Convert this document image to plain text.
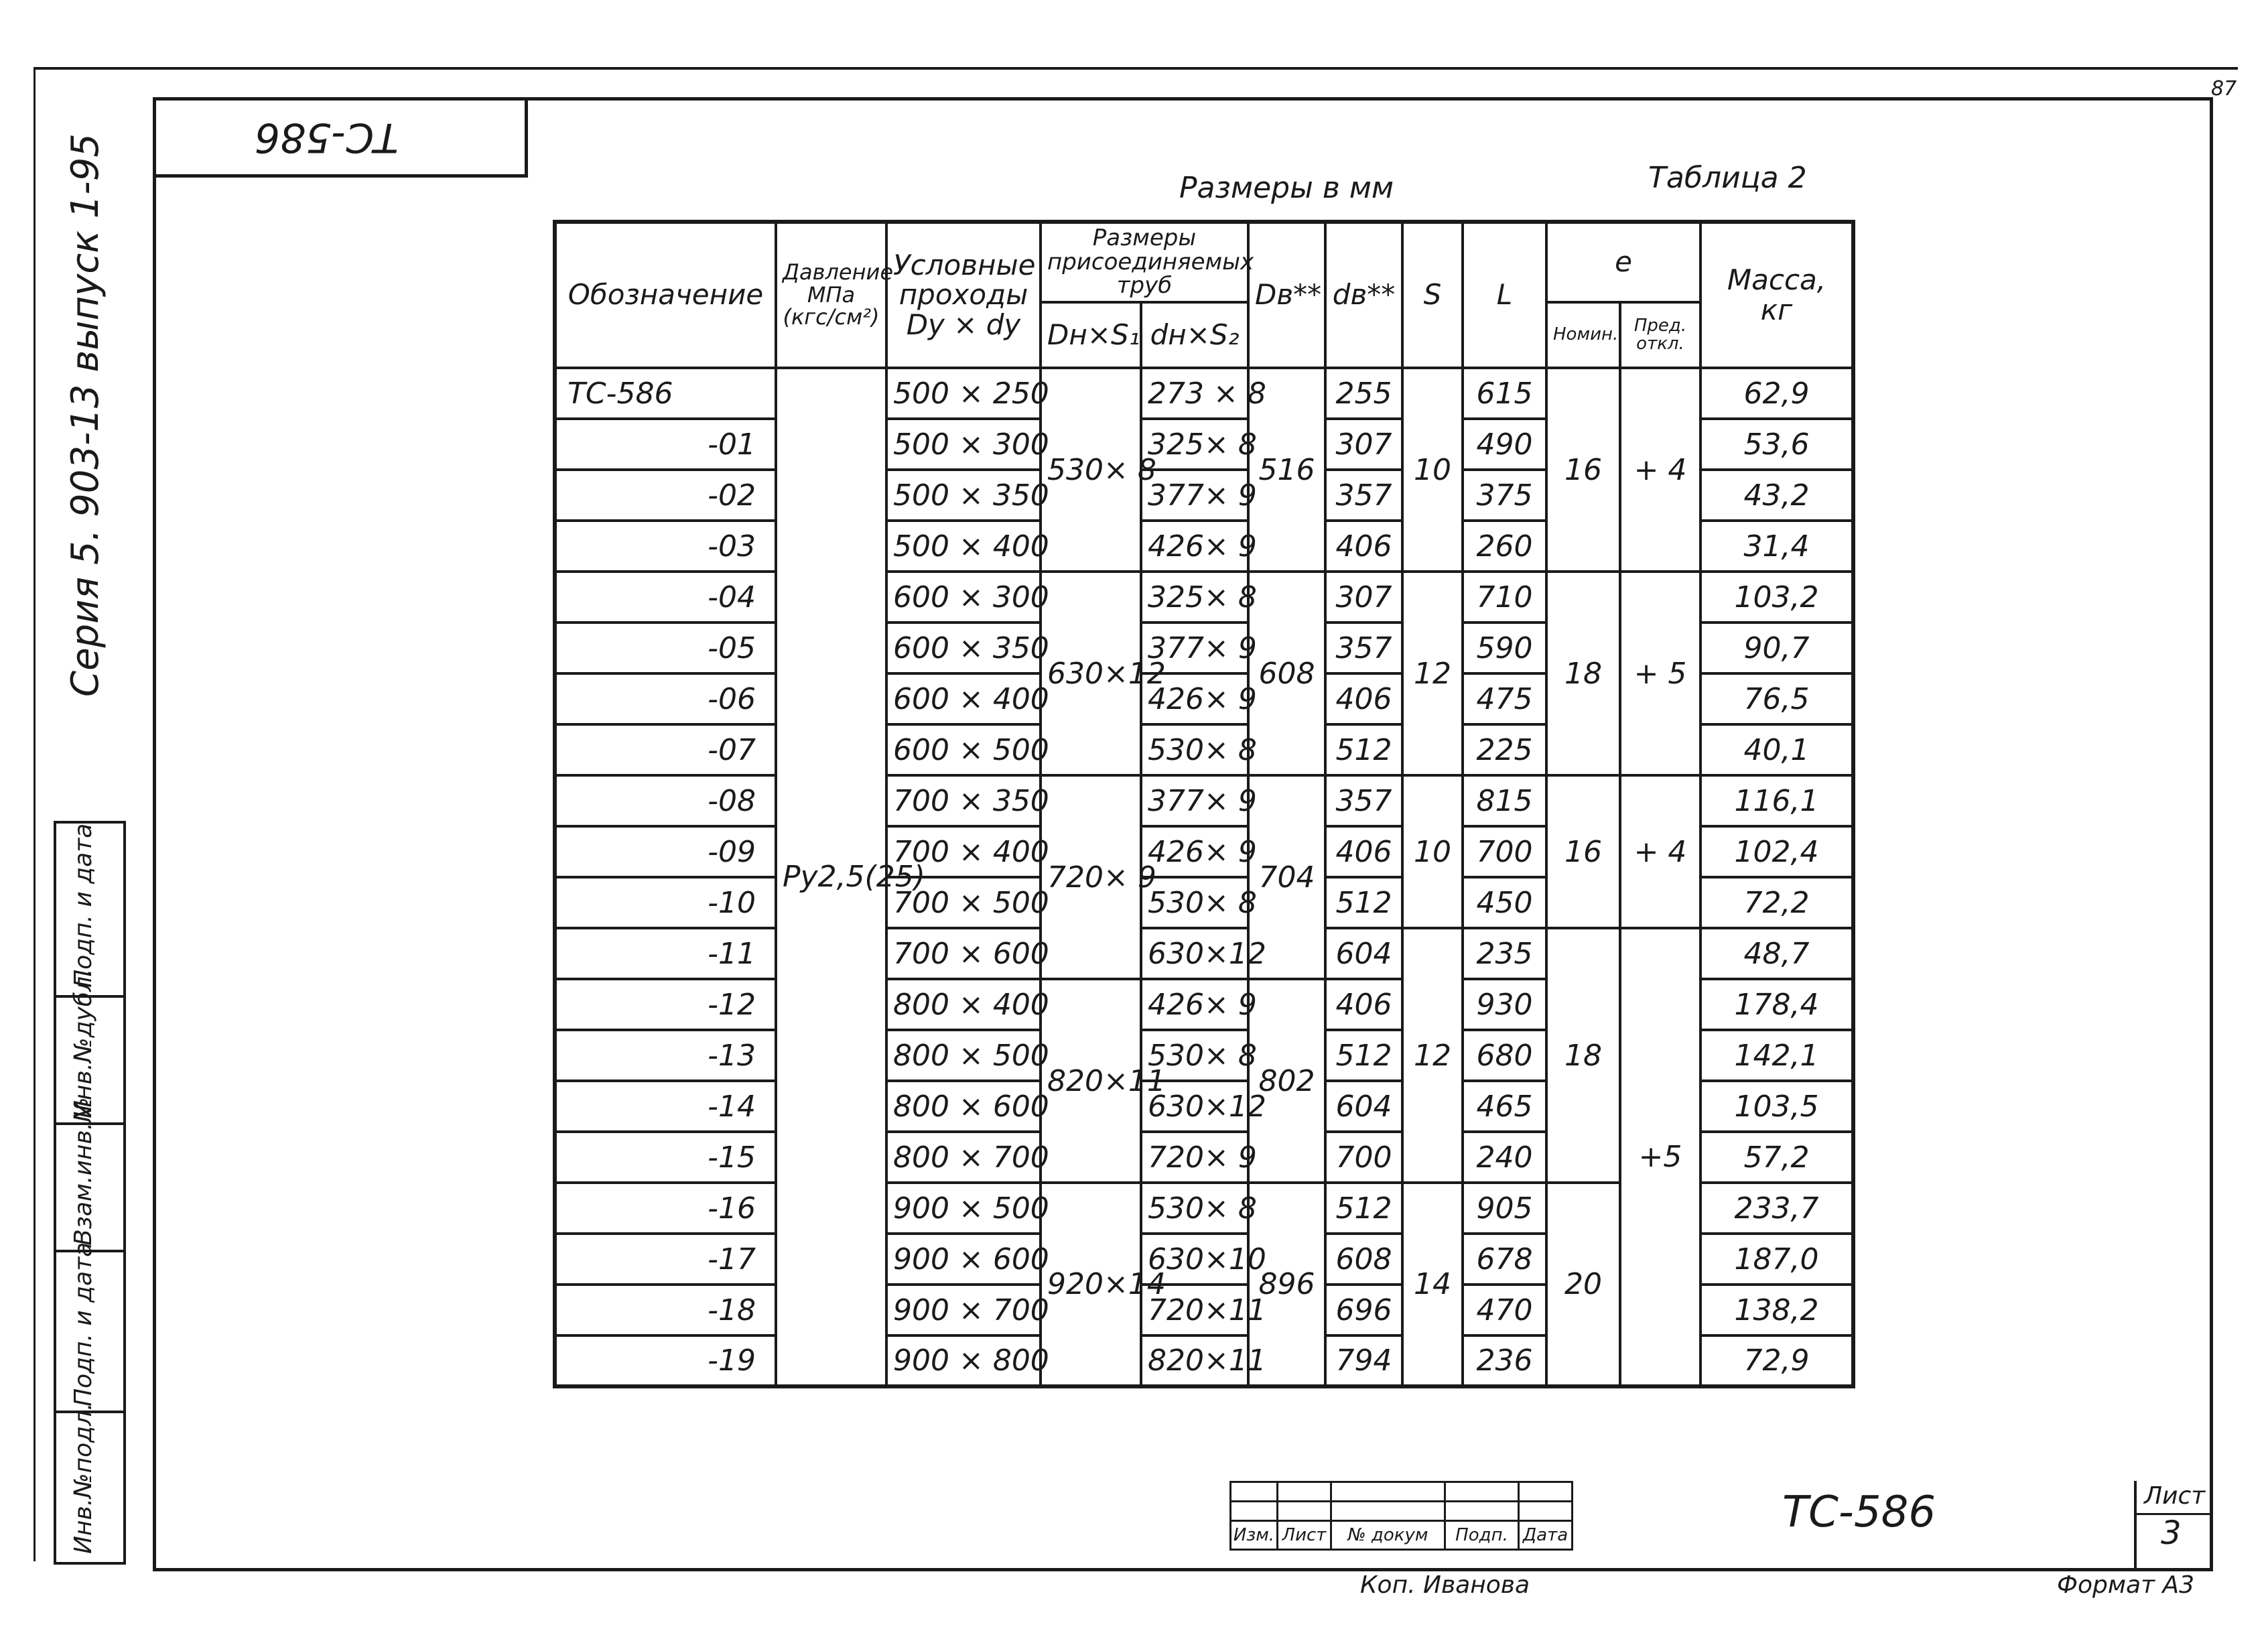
87
ТС-586
Серия 5. 903-13 выпуск 1-95
Подп. и дата
Инв.№дубл.
Взам.инв.№
Подп. и дата
Инв.№подл.
Размеры в мм	Таблица 2
Обозначение	Давление МПа (кгс/см²)	Условные проходы Dy × dy	Размеры присоединяемых труб		Dв**	dв**	S	L	e		Масса, кг
			Dн×S₁	dн×S₂					Номин.	Пред. откл.	
ТС-586	Ру2,5(25)	500 × 250	530× 8	273 × 8	516	255	10	615	16	+ 4	62,9
-01		500 × 300		325× 8		307		490			53,6
-02		500 × 350		377× 9		357		375			43,2
-03		500 × 400		426× 9		406		260			31,4
-04		600 × 300	630×12	325× 8	608	307	12	710	18	+ 5	103,2
-05		600 × 350		377× 9		357		590			90,7
-06		600 × 400		426× 9		406		475			76,5
-07		600 × 500		530× 8		512		225			40,1
-08		700 × 350	720× 9	377× 9	704	357	10	815	16	+ 4	116,1
-09		700 × 400		426× 9		406		700			102,4
-10		700 × 500		530× 8		512		450			72,2
-11		700 × 600		630×12		604	12	235	18	+5	48,7
-12		800 × 400	820×11	426× 9	802	406		930			178,4
-13		800 × 500		530× 8		512		680			142,1
-14		800 × 600		630×12		604		465			103,5
-15		800 × 700		720× 9		700		240			57,2
-16		900 × 500	920×14	530× 8	896	512	14	905	20		233,7
-17		900 × 600		630×10		608		678			187,0
-18		900 × 700		720×11		696		470			138,2
-19		900 × 800		820×11		794		236			72,9

Изм.	Лист	№ докум	Подп.	Дата	ТС-586	Лист
3
Коп. Иванова	Формат А3
